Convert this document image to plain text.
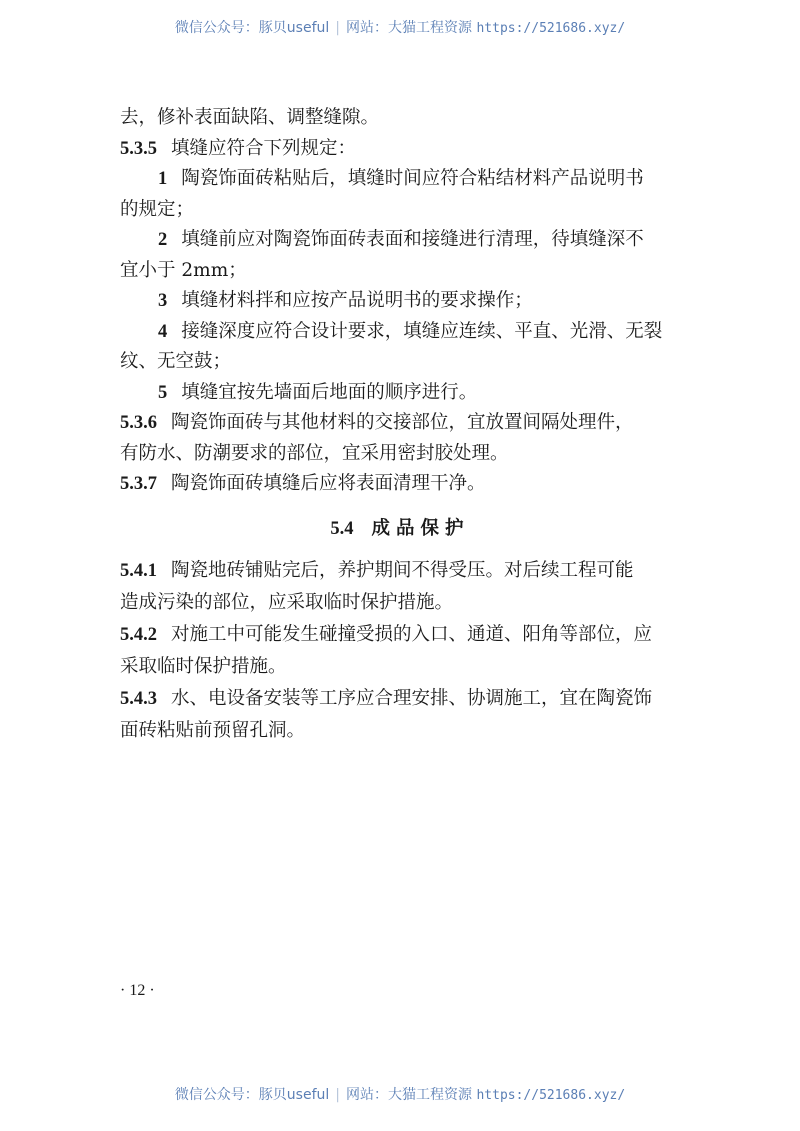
微信公众号：豚贝useful | 网站：大猫工程资源 https://521686.xyz/
去，修补表面缺陷、调整缝隙。
5.3.5 填缝应符合下列规定：
1 陶瓷饰面砖粘贴后，填缝时间应符合粘结材料产品说明书
的规定；
2 填缝前应对陶瓷饰面砖表面和接缝进行清理，待填缝深不
宜小于 2mm；
3 填缝材料拌和应按产品说明书的要求操作；
4 接缝深度应符合设计要求，填缝应连续、平直、光滑、无裂
纹、无空鼓；
5 填缝宜按先墙面后地面的顺序进行。
5.3.6 陶瓷饰面砖与其他材料的交接部位，宜放置间隔处理件，
有防水、防潮要求的部位，宜采用密封胶处理。
5.3.7 陶瓷饰面砖填缝后应将表面清理干净。
5.4 成品保护
5.4.1 陶瓷地砖铺贴完后，养护期间不得受压。对后续工程可能
造成污染的部位，应采取临时保护措施。
5.4.2 对施工中可能发生碰撞受损的入口、通道、阳角等部位，应
采取临时保护措施。
5.4.3 水、电设备安装等工序应合理安排、协调施工，宜在陶瓷饰
面砖粘贴前预留孔洞。
· 12 ·
微信公众号：豚贝useful | 网站：大猫工程资源 https://521686.xyz/
